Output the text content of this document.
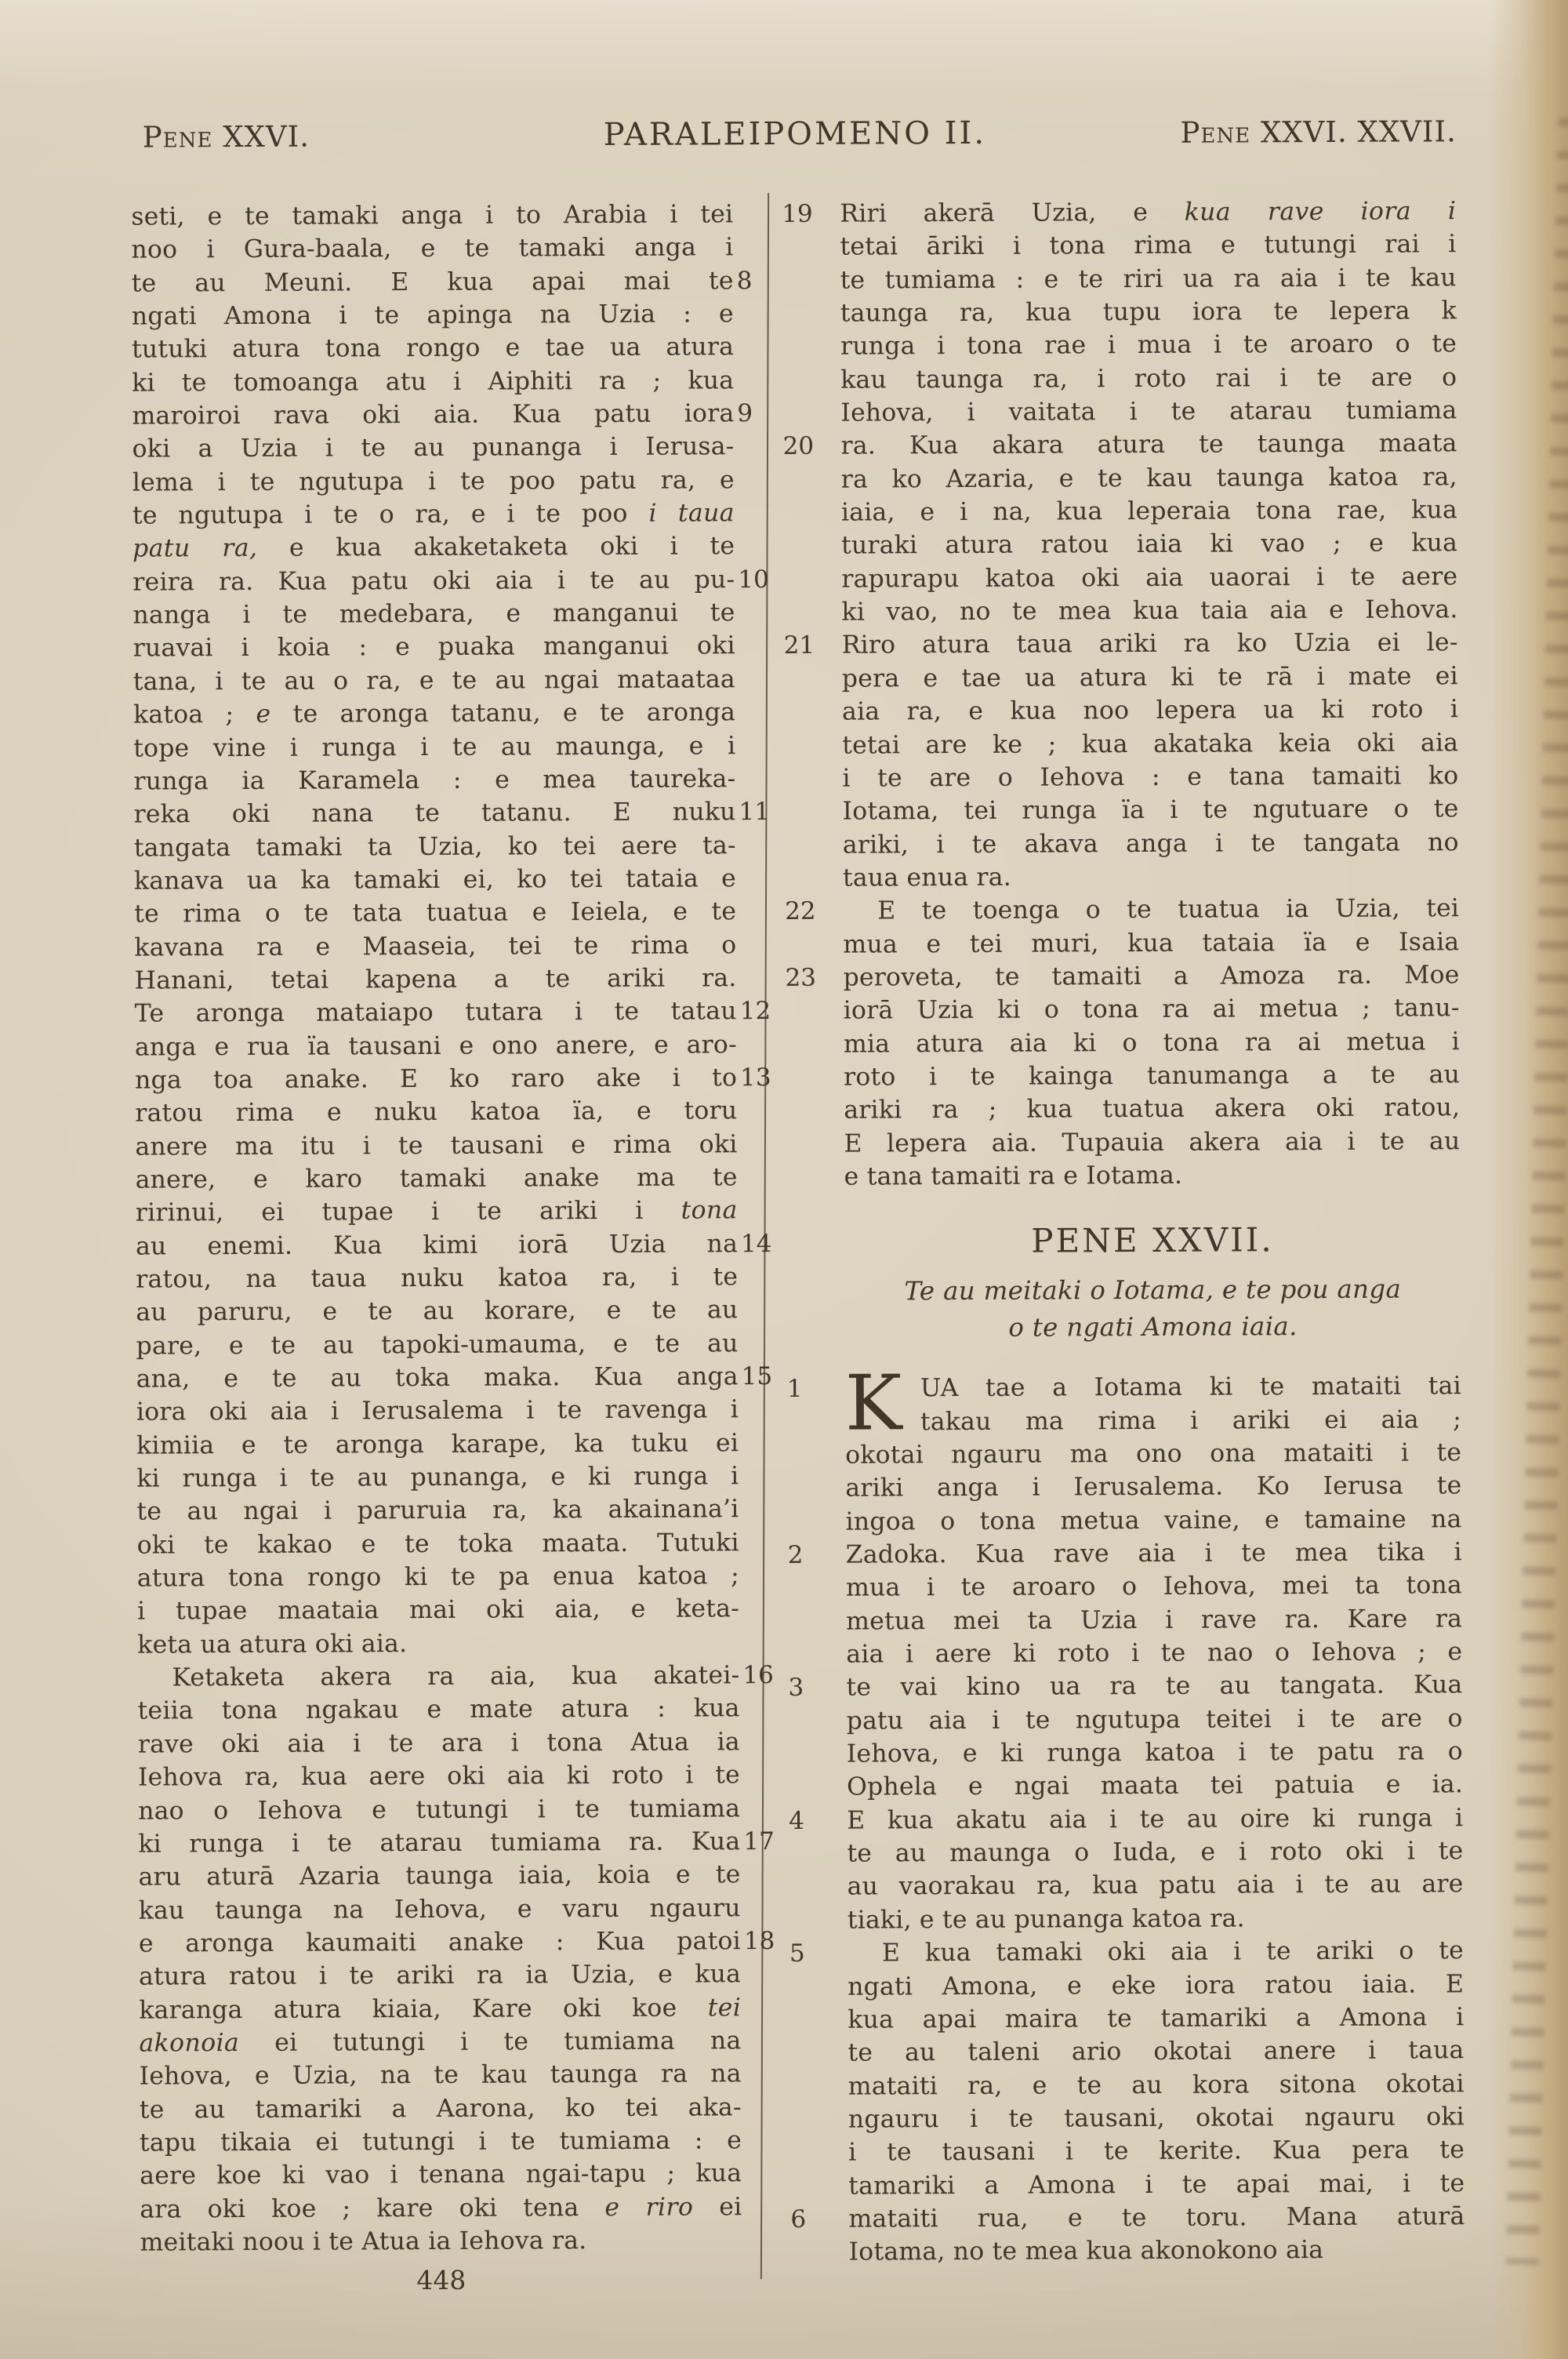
Pene XXVI.	PARALEIPOMENO II.	Pene XXVI. XXVII.
seti, e te tamaki anga i to Arabia i tei
noo i Gura-baala, e te tamaki anga i
8
te au Meuni. E kua apai mai te
ngati Amona i te apinga na Uzia : e
tutuki atura tona rongo e tae ua atura
ki te tomoanga atu i Aiphiti ra ; kua
9
maroiroi rava oki aia. Kua patu iora
oki a Uzia i te au punanga i Ierusa-
lema i te ngutupa i te poo patu ra, e
te ngutupa i te o ra, e i te poo i taua
patu ra, e kua akaketaketa oki i te
10
reira ra. Kua patu oki aia i te au pu-
nanga i te medebara, e manganui te
ruavai i koia : e puaka manganui oki
tana, i te au o ra, e te au ngai mataataa
katoa ; e te aronga tatanu, e te aronga
tope vine i runga i te au maunga, e i
runga ia Karamela : e mea taureka-
11
reka oki nana te tatanu. E nuku
tangata tamaki ta Uzia, ko tei aere ta-
kanava ua ka tamaki ei, ko tei tataia e
te rima o te tata tuatua e Ieiela, e te
kavana ra e Maaseia, tei te rima o
Hanani, tetai kapena a te ariki ra.
12
Te aronga mataiapo tutara i te tatau
anga e rua ïa tausani e ono anere, e aro-
13
nga toa anake. E ko raro ake i to
ratou rima e nuku katoa ïa, e toru
anere ma itu i te tausani e rima oki
anere, e karo tamaki anake ma te
ririnui, ei tupae i te ariki i tona
14
au enemi. Kua kimi iorā Uzia na
ratou, na taua nuku katoa ra, i te
au paruru, e te au korare, e te au
pare, e te au tapoki-umauma, e te au
15
ana, e te au toka maka. Kua anga
iora oki aia i Ierusalema i te ravenga i
kimiia e te aronga karape, ka tuku ei
ki runga i te au punanga, e ki runga i
te au ngai i paruruia ra, ka akainana’i
oki te kakao e te toka maata. Tutuki
atura tona rongo ki te pa enua katoa ;
i tupae maataia mai oki aia, e keta-
keta ua atura oki aia.
16
Ketaketa akera ra aia, kua akatei-
teiia tona ngakau e mate atura : kua
rave oki aia i te ara i tona Atua ia
Iehova ra, kua aere oki aia ki roto i te
nao o Iehova e tutungi i te tumiama
17
ki runga i te atarau tumiama ra. Kua
aru aturā Azaria taunga iaia, koia e te
kau taunga na Iehova, e varu ngauru
18
e aronga kaumaiti anake : Kua patoi
atura ratou i te ariki ra ia Uzia, e kua
karanga atura kiaia, Kare oki koe tei
akonoia ei tutungi i te tumiama na
Iehova, e Uzia, na te kau taunga ra na
te au tamariki a Aarona, ko tei aka-
tapu tikaia ei tutungi i te tumiama : e
aere koe ki vao i tenana ngai-tapu ; kua
ara oki koe ; kare oki tena e riro ei
meitaki noou i te Atua ia Iehova ra.
19	Riri akerā Uzia, e kua rave iora i
tetai āriki i tona rima e tutungi rai i
te tumiama : e te riri ua ra aia i te kau
taunga ra, kua tupu iora te lepera k
runga i tona rae i mua i te aroaro o te
kau taunga ra, i roto rai i te are o
Iehova, i vaitata i te atarau tumiama
20	ra. Kua akara atura te taunga maata
ra ko Azaria, e te kau taunga katoa ra,
iaia, e i na, kua leperaia tona rae, kua
turaki atura ratou iaia ki vao ; e kua
rapurapu katoa oki aia uaorai i te aere
ki vao, no te mea kua taia aia e Iehova.
21	Riro atura taua ariki ra ko Uzia ei le-
pera e tae ua atura ki te rā i mate ei
aia ra, e kua noo lepera ua ki roto i
tetai are ke ; kua akataka keia oki aia
i te are o Iehova : e tana tamaiti ko
Iotama, tei runga ïa i te ngutuare o te
ariki, i te akava anga i te tangata no
taua enua ra.
22	E te toenga o te tuatua ia Uzia, tei
mua e tei muri, kua tataia ïa e Isaia
23	peroveta, te tamaiti a Amoza ra. Moe
iorā Uzia ki o tona ra ai metua ; tanu-
mia atura aia ki o tona ra ai metua i
roto i te kainga tanumanga a te au
ariki ra ; kua tuatua akera oki ratou,
E lepera aia. Tupauia akera aia i te au
e tana tamaiti ra e Iotama.
PENE XXVII.
Te au meitaki o Iotama, e te pou anga
o te ngati Amona iaia.
1 K UA tae a Iotama ki te mataiti tai
takau ma rima i ariki ei aia ;
okotai ngauru ma ono ona mataiti i te
ariki anga i Ierusalema. Ko Ierusa te
ingoa o tona metua vaine, e tamaine na
2	Zadoka. Kua rave aia i te mea tika i
mua i te aroaro o Iehova, mei ta tona
metua mei ta Uzia i rave ra. Kare ra
aia i aere ki roto i te nao o Iehova ; e
3	te vai kino ua ra te au tangata. Kua
patu aia i te ngutupa teitei i te are o
Iehova, e ki runga katoa i te patu ra o
Ophela e ngai maata tei patuia e ia.
4	E kua akatu aia i te au oire ki runga i
te au maunga o Iuda, e i roto oki i te
au vaorakau ra, kua patu aia i te au are
tiaki, e te au punanga katoa ra.
5	E kua tamaki oki aia i te ariki o te
ngati Amona, e eke iora ratou iaia. E
kua apai maira te tamariki a Amona i
te au taleni ario okotai anere i taua
mataiti ra, e te au kora sitona okotai
ngauru i te tausani, okotai ngauru oki
i te tausani i te kerite. Kua pera te
tamariki a Amona i te apai mai, i te
6	mataiti rua, e te toru. Mana aturā
Iotama, no te mea kua akonokono aia
448
